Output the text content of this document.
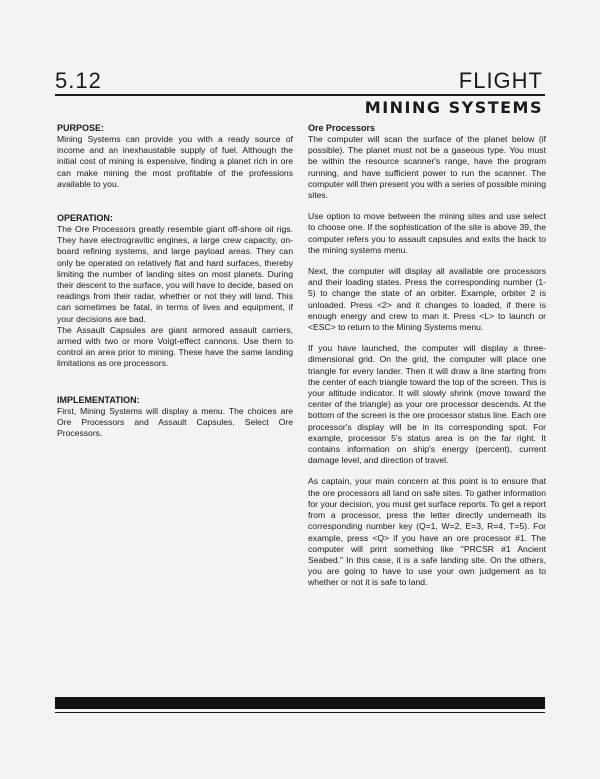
5.12	FLIGHT
MINING SYSTEMS

PURPOSE:

Mining Systems can provide you with a ready source of income and an inexhaustable supply of fuel. Although the initial cost of mining is expensive, finding a planet rich in ore can make mining the most profitable of the professions available to you.

OPERATION:

The Ore Processors greatly resemble giant off-shore oil rigs. They have electrogravitic engines, a large crew capacity, on-board refining systems, and large payload areas. They can only be operated on relatively flat and hard surfaces, thereby limiting the number of landing sites on most planets. During their descent to the surface, you will have to decide, based on readings from their radar, whether or not they will land. This can sometimes be fatal, in terms of lives and equipment, if your decisions are bad.

The Assault Capsules are giant armored assault carriers, armed with two or more Voigt-effect cannons. Use them to control an area prior to mining. These have the same landing limitations as ore processors.

IMPLEMENTATION:

First, Mining Systems will display a menu. The choices are Ore Processors and Assault Capsules. Select Ore Processors.

Ore Processors

The computer will scan the surface of the planet below (if possible). The planet must not be a gaseous type. You must be within the resource scanner's range, have the program running, and have sufficient power to run the scanner. The computer will then present you with a series of possible mining sites.

Use option to move between the mining sites and use select to choose one. If the sophistication of the site is above 39, the computer refers you to assault capsules and exits the back to the mining systems menu.

Next, the computer will display all available ore processors and their loading states. Press the corresponding number (1-5) to change the state of an orbiter. Example, orbiter 2 is unloaded. Press <2> and it changes to loaded, if there is enough energy and crew to man it. Press <L> to launch or <ESC> to return to the Mining Systems menu.

If you have launched, the computer will display a three-dimensional grid. On the grid, the computer will place one triangle for every lander. Then it will draw a line starting from the center of each triangle toward the top of the screen. This is your altitude indicator. It will slowly shrink (move toward the center of the triangle) as your ore processor descends. At the bottom of the screen is the ore processor status line. Each ore processor's display will be in its corresponding spot. For example, processor 5's status area is on the far right. It contains information on ship's energy (percent), current damage level, and direction of travel.

As captain, your main concern at this point is to ensure that the ore processors all land on safe sites. To gather information for your decision, you must get surface reports. To get a report from a processor, press the letter directly underneath its corresponding number key (Q=1, W=2, E=3, R=4, T=5). For example, press <Q> if you have an ore processor #1. The computer will print something like "PRCSR #1 Ancient Seabed." In this case, it is a safe landing site. On the others, you are going to have to use your own judgement as to whether or not it is safe to land.
